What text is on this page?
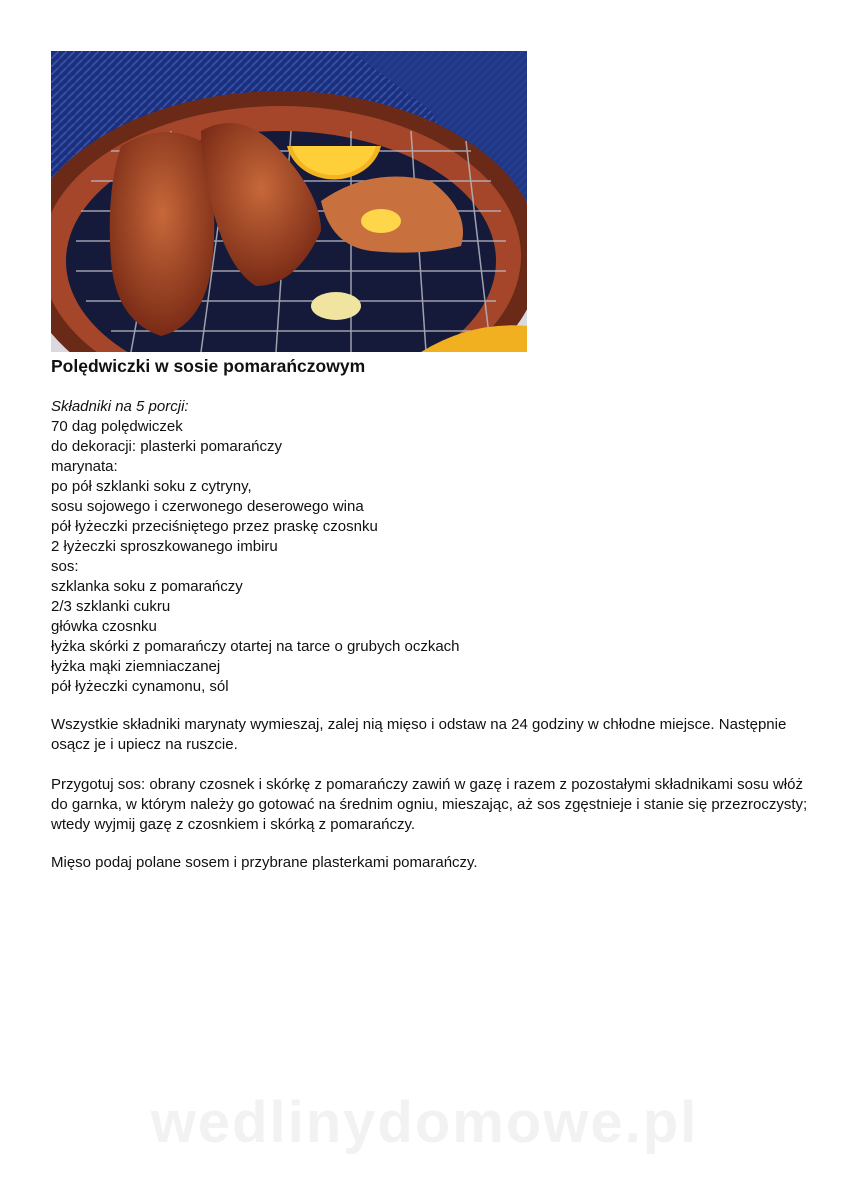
Polędwiczki w sosie pomarańczowym
Składniki na 5 porcji:
70 dag polędwiczek
do dekoracji: plasterki pomarańczy
marynata:
po pół szklanki soku z cytryny,
sosu sojowego i czerwonego deserowego wina
pół łyżeczki przeciśniętego przez praskę czosnku
2 łyżeczki sproszkowanego imbiru
sos:
szklanka soku z pomarańczy
2/3 szklanki cukru
główka czosnku
łyżka skórki z pomarańczy otartej na tarce o grubych oczkach
łyżka mąki ziemniaczanej
pół łyżeczki cynamonu, sól

Wszystkie składniki marynaty wymieszaj, zalej nią mięso i odstaw na 24 godziny w chłodne miejsce. Następnie osącz je i upiecz na ruszcie.

Przygotuj sos: obrany czosnek i skórkę z pomarańczy zawiń w gazę i razem z pozostałymi składnikami sosu włóż do garnka, w którym należy go gotować na średnim ogniu, mieszając, aż sos zgęstnieje i stanie się przezroczysty; wtedy wyjmij gazę z czosnkiem i skórką z pomarańczy.

Mięso podaj polane sosem i przybrane plasterkami pomarańczy.

wedlinydomowe.pl
